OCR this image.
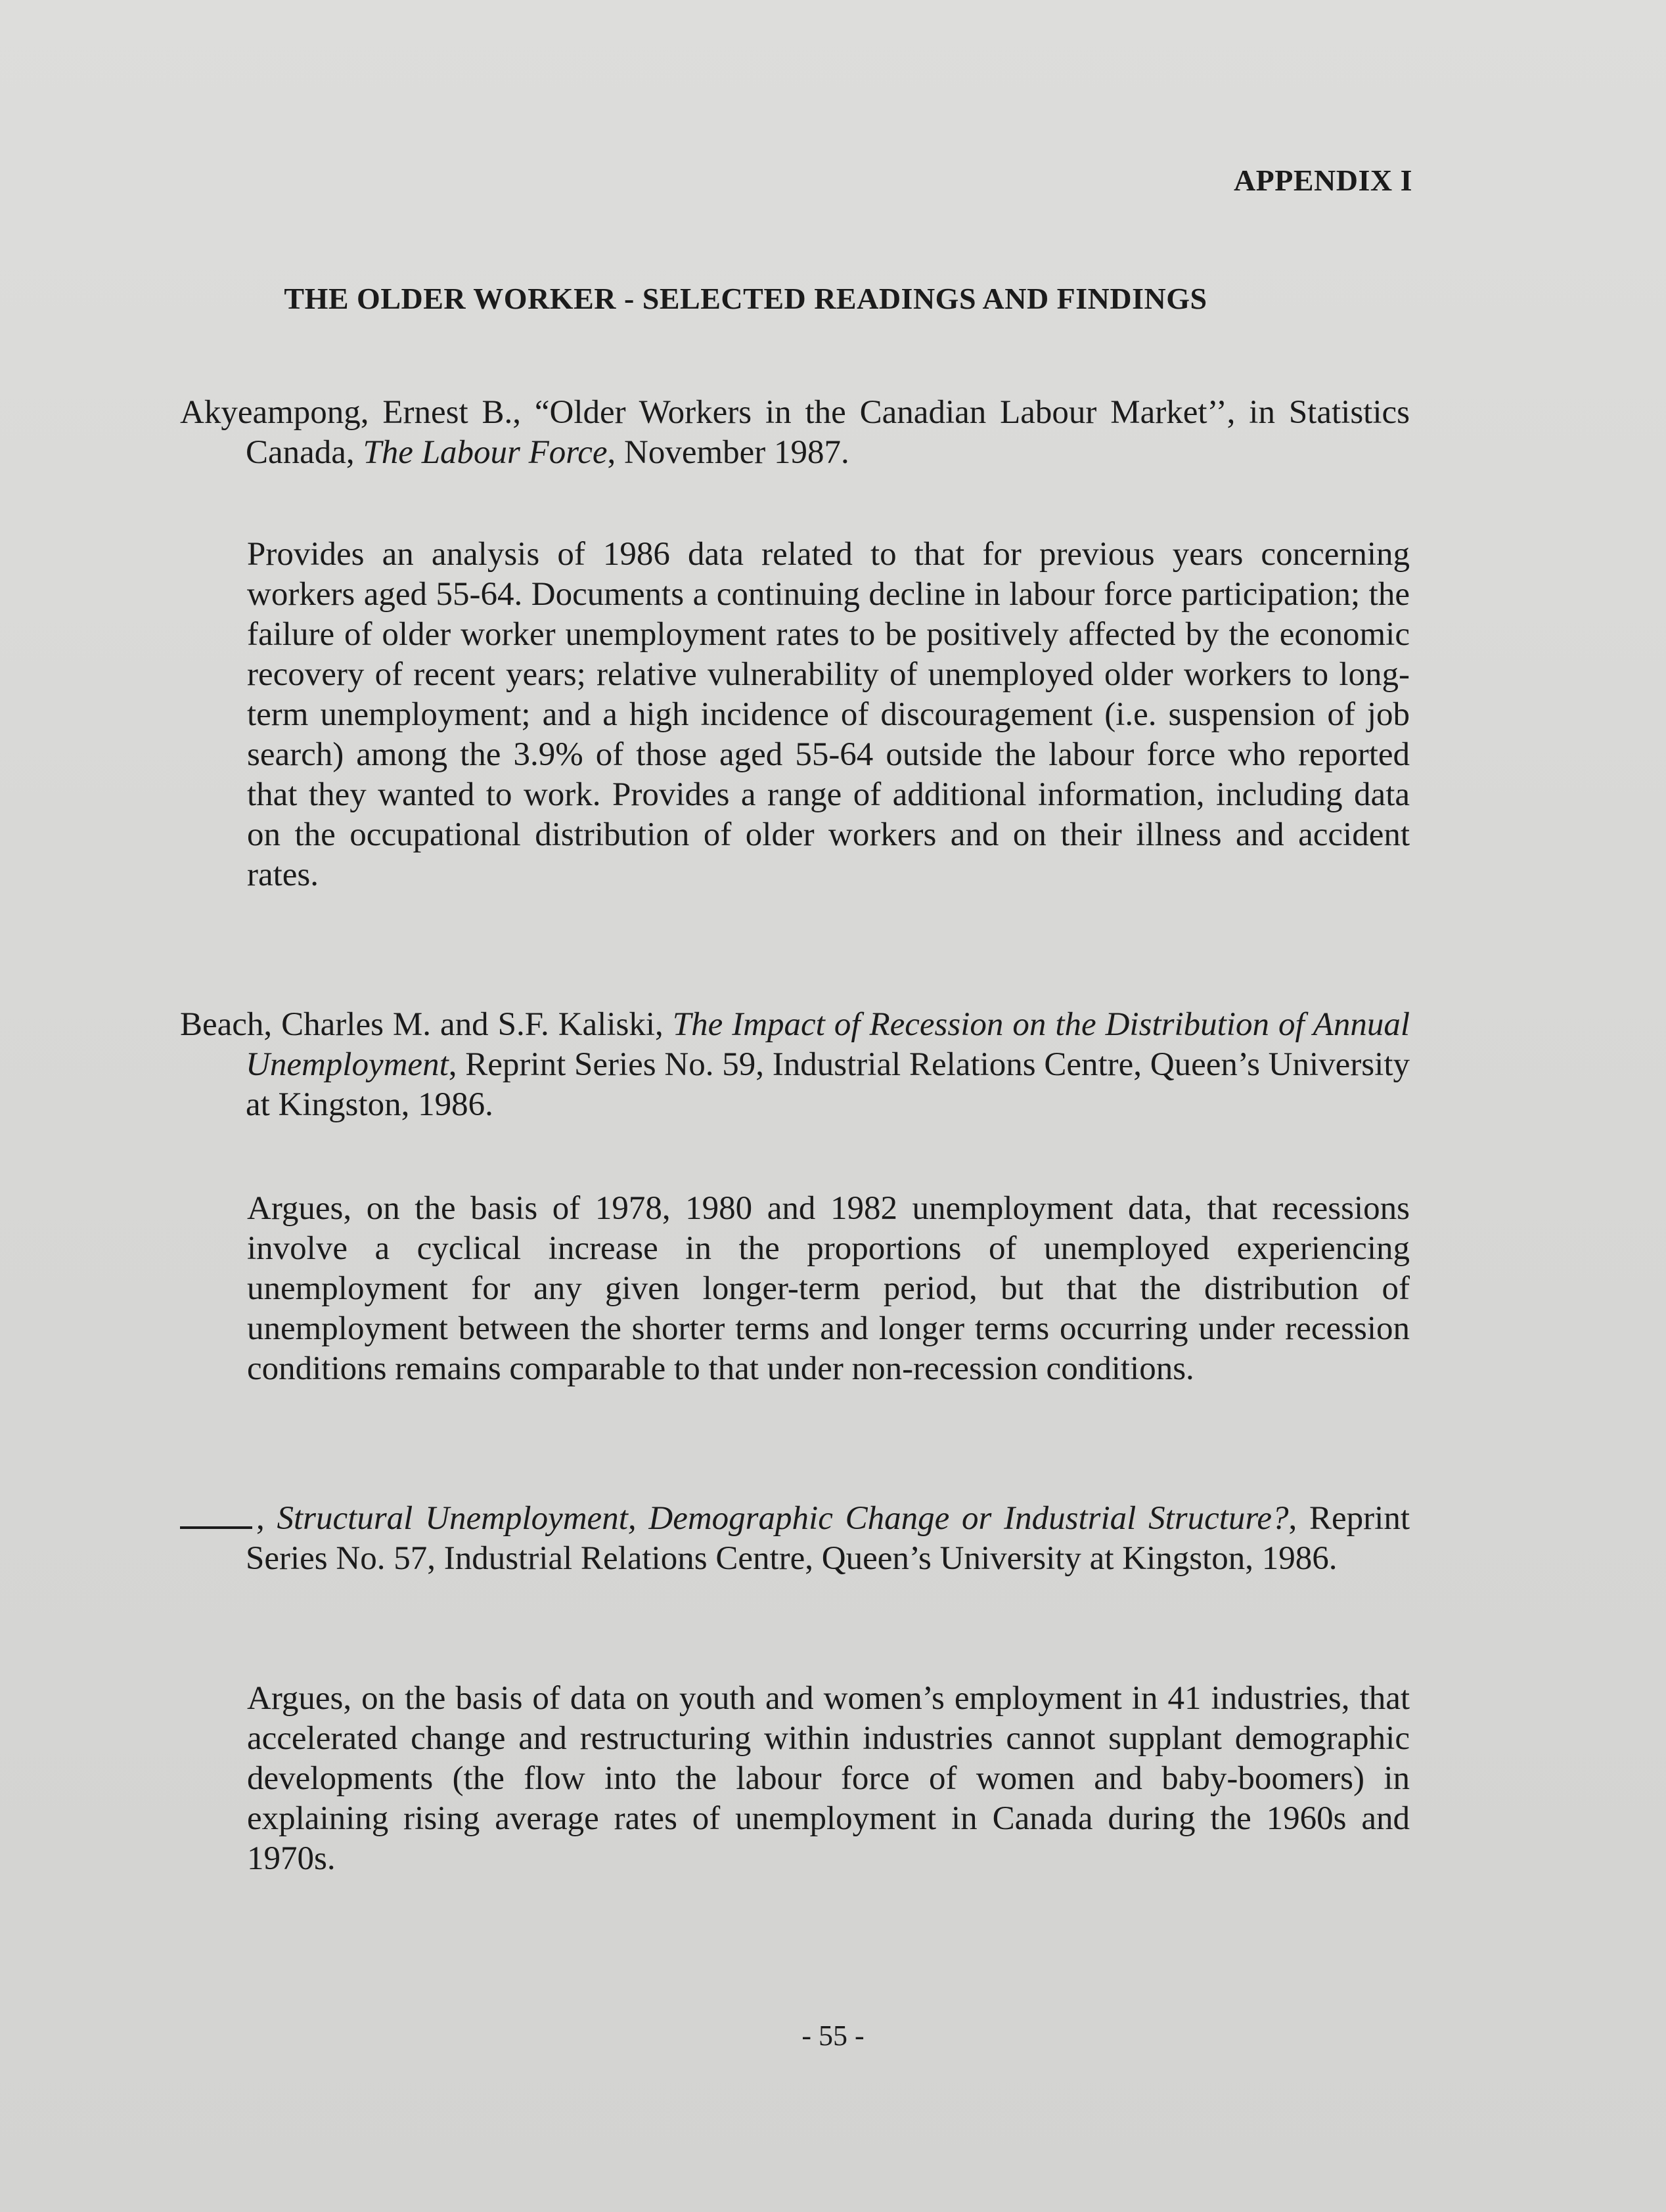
APPENDIX I

THE OLDER WORKER - SELECTED READINGS AND FINDINGS

Akyeampong, Ernest B., “Older Workers in the Canadian Labour Market’’, in Statistics Canada, The Labour Force, November 1987.

Provides an analysis of 1986 data related to that for previous years concerning workers aged 55-64. Documents a continuing decline in labour force participation; the failure of older worker unemployment rates to be positively affected by the economic recovery of recent years; relative vulnerability of unemployed older workers to long-term unemployment; and a high incidence of discouragement (i.e. suspension of job search) among the 3.9% of those aged 55-64 outside the labour force who reported that they wanted to work. Provides a range of additional information, including data on the occupational distribution of older workers and on their illness and accident rates.

Beach, Charles M. and S.F. Kaliski, The Impact of Recession on the Distribution of Annual Unemployment, Reprint Series No. 59, Industrial Relations Centre, Queen’s University at Kingston, 1986.

Argues, on the basis of 1978, 1980 and 1982 unemployment data, that recessions involve a cyclical increase in the proportions of unemployed experiencing unemployment for any given longer-term period, but that the distribution of unemployment between the shorter terms and longer terms occurring under recession conditions remains comparable to that under non-recession conditions.

, Structural Unemployment, Demographic Change or Industrial Structure?, Reprint Series No. 57, Industrial Relations Centre, Queen’s University at Kingston, 1986.

Argues, on the basis of data on youth and women’s employment in 41 industries, that accelerated change and restructuring within industries cannot supplant demographic developments (the flow into the labour force of women and baby-boomers) in explaining rising average rates of unemployment in Canada during the 1960s and 1970s.

- 55 -
